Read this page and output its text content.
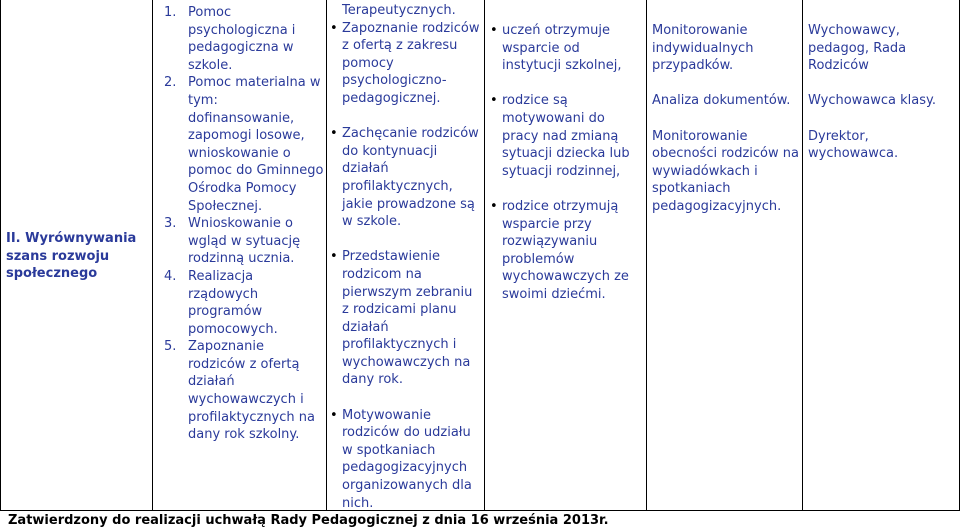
II. Wyrównywania szans rozwoju społecznego
1. Pomoc psychologiczna i pedagogiczna w szkole.
2. Pomoc materialna w tym: dofinansowanie, zapomogi losowe, wnioskowanie o pomoc do Gminnego Ośrodka Pomocy Społecznej.
3. Wnioskowanie o wgląd w sytuację rodzinną ucznia.
4. Realizacja rządowych programów pomocowych.
5. Zapoznanie rodziców z ofertą działań wychowawczych i profilaktycznych na dany rok szkolny.
Terapeutycznych.
• Zapoznanie rodziców z ofertą z zakresu pomocy psychologiczno-pedagogicznej.
• Zachęcanie rodziców do kontynuacji działań profilaktycznych, jakie prowadzone są w szkole.
• Przedstawienie rodzicom na pierwszym zebraniu z rodzicami planu działań profilaktycznych i wychowawczych na dany rok.
• Motywowanie rodziców do udziału w spotkaniach pedagogizacyjnych organizowanych dla nich.
• uczeń otrzymuje wsparcie od instytucji szkolnej,
• rodzice są motywowani do pracy nad zmianą sytuacji dziecka lub sytuacji rodzinnej,
• rodzice otrzymują wsparcie przy rozwiązywaniu problemów wychowawczych ze swoimi dziećmi.

Monitorowanie indywidualnych przypadków.

Analiza dokumentów.

Monitorowanie obecności rodziców na wywiadówkach i spotkaniach pedagogizacyjnych.

Wychowawcy, pedagog, Rada Rodziców

Wychowawca klasy.

Dyrektor, wychowawca.

Zatwierdzony do realizacji uchwałą Rady Pedagogicznej z dnia 16 września 2013r.
